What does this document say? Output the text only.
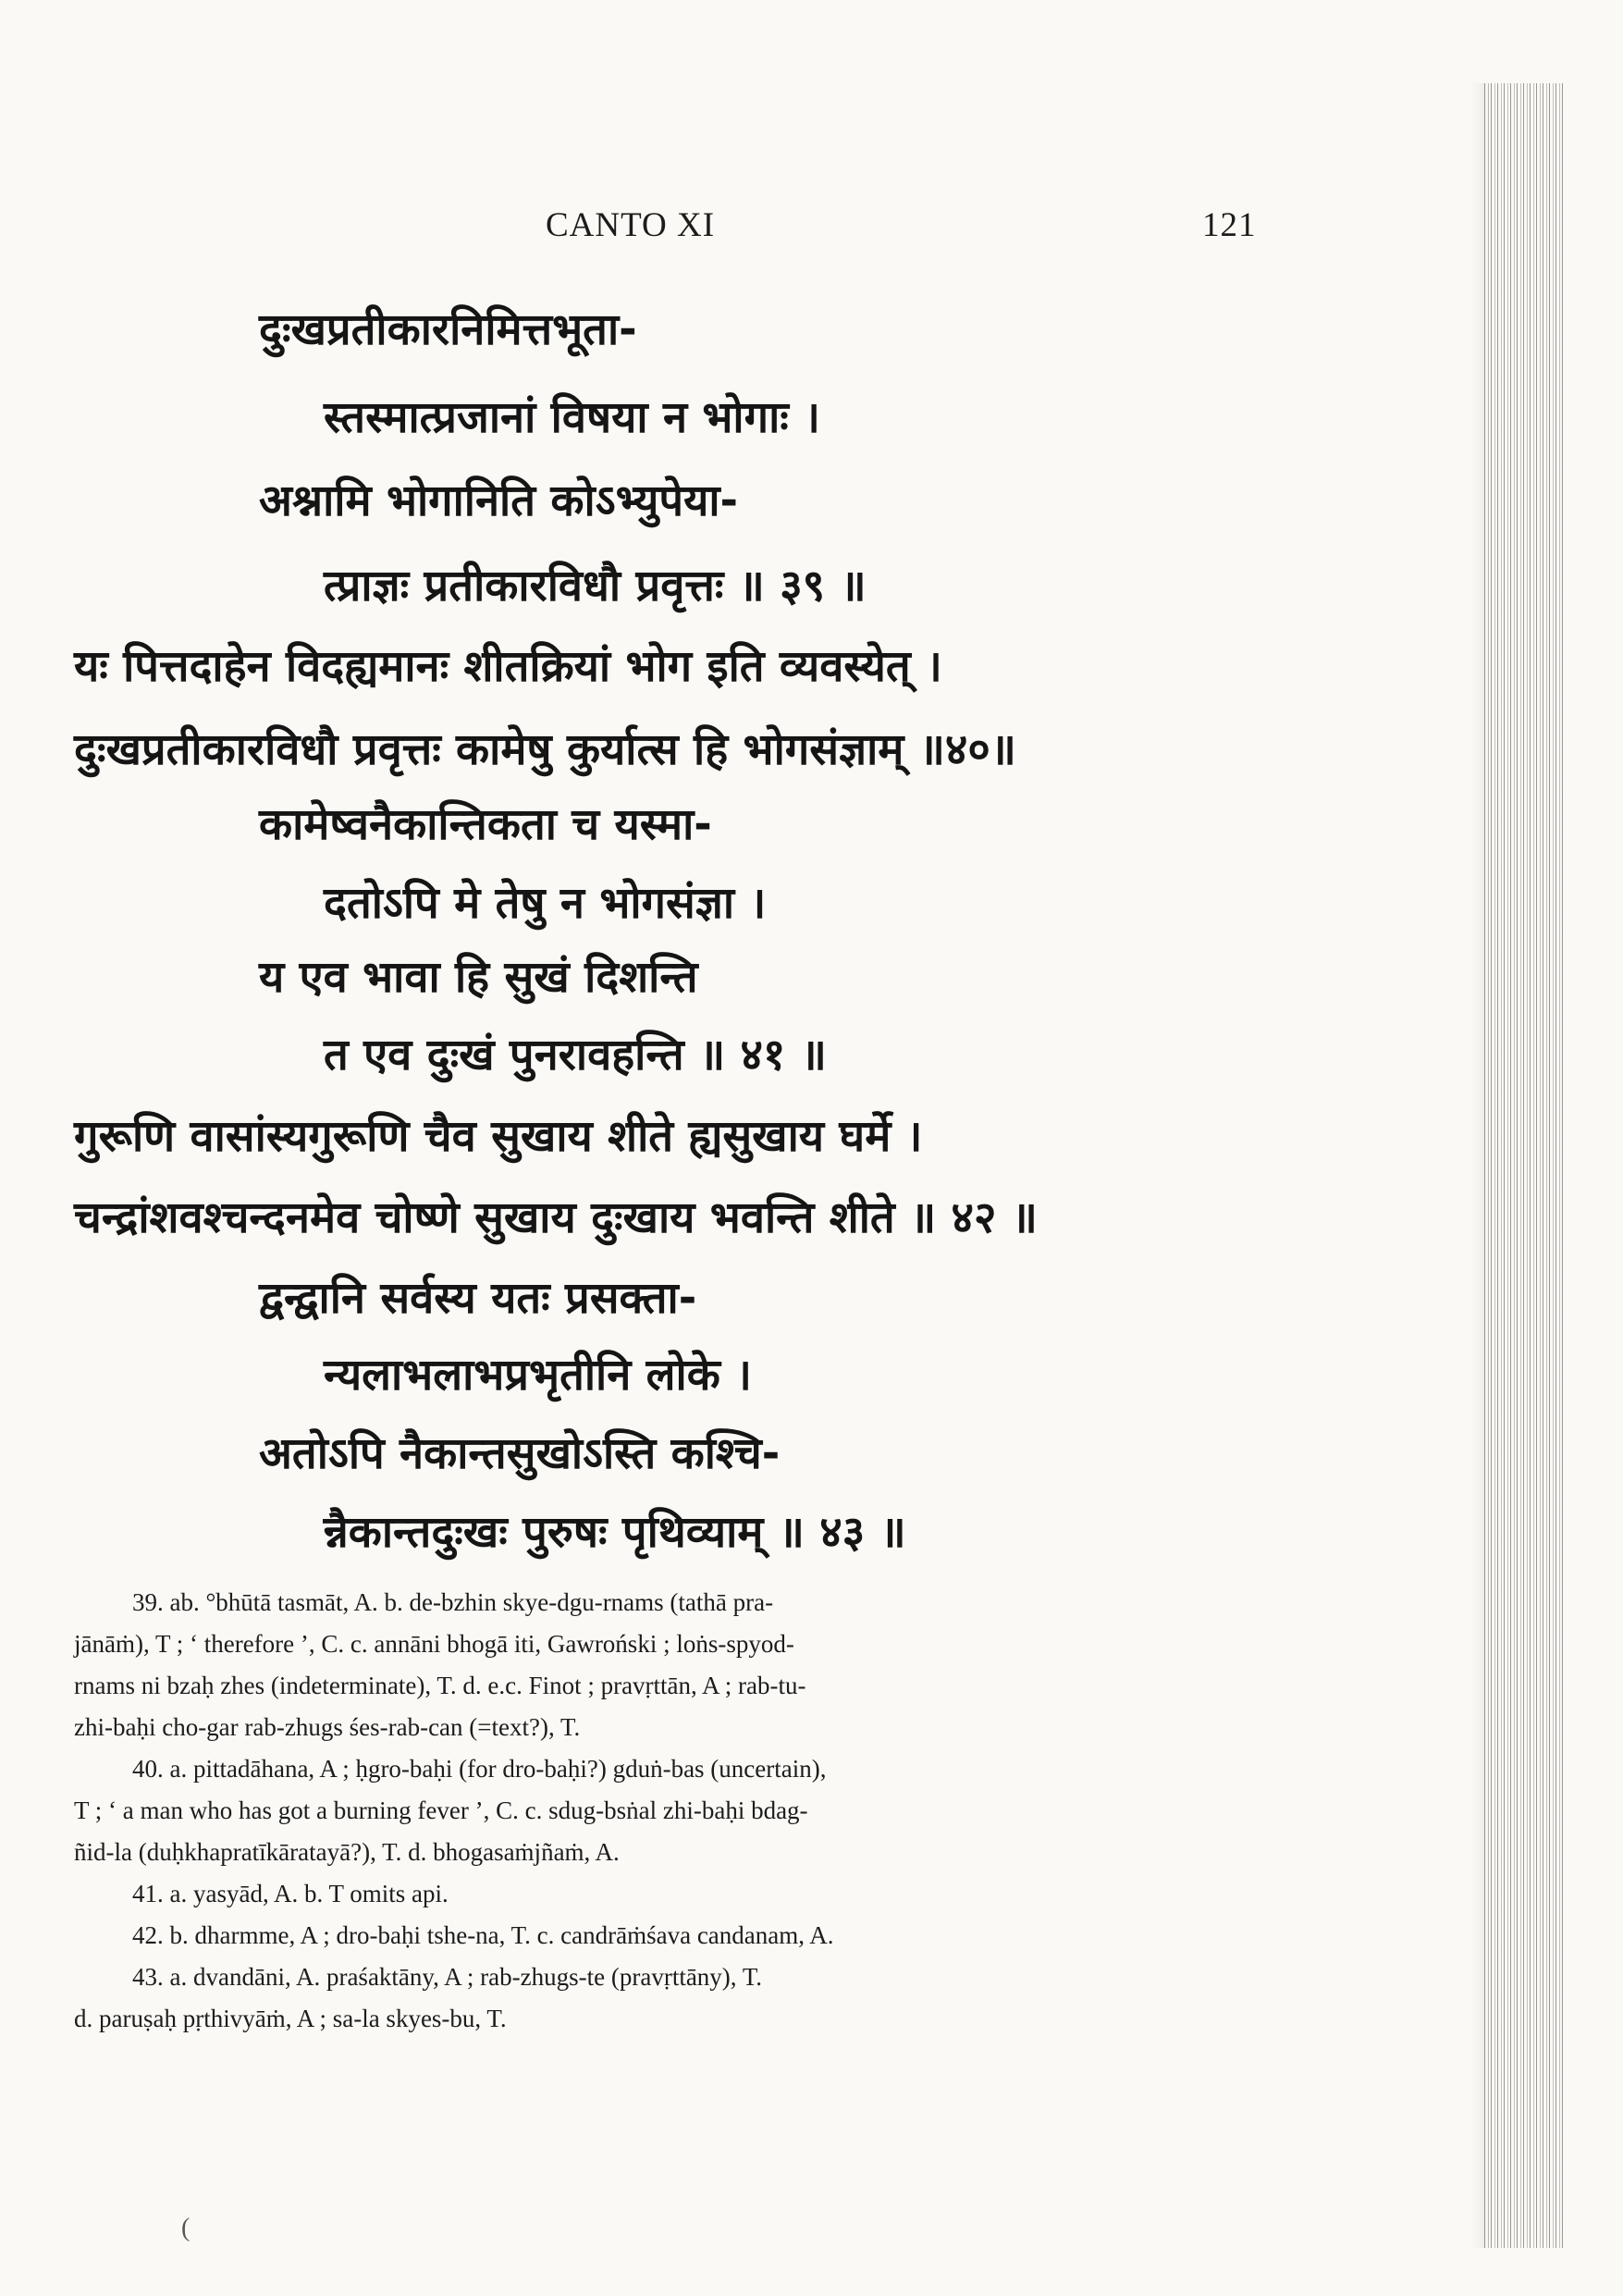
CANTO XI	121
दुःखप्रतीकारनिमित्तभूता-
स्तस्मात्प्रजानां विषया न भोगाः ।
अश्नामि भोगानिति कोऽभ्युपेया-
त्प्राज्ञः प्रतीकारविधौ प्रवृत्तः ॥ ३९ ॥
यः पित्तदाहेन विदह्यमानः शीतक्रियां भोग इति व्यवस्येत् ।
दुःखप्रतीकारविधौ प्रवृत्तः कामेषु कुर्यात्स हि भोगसंज्ञाम् ॥४०॥
कामेष्वनैकान्तिकता च यस्मा-
दतोऽपि मे तेषु न भोगसंज्ञा ।
य एव भावा हि सुखं दिशन्ति
त एव दुःखं पुनरावहन्ति ॥ ४१ ॥
गुरूणि वासांस्यगुरूणि चैव सुखाय शीते ह्यसुखाय घर्मे ।
चन्द्रांशवश्चन्दनमेव चोष्णे सुखाय दुःखाय भवन्ति शीते ॥ ४२ ॥
द्वन्द्वानि सर्वस्य यतः प्रसक्ता-
न्यलाभलाभप्रभृतीनि लोके ।
अतोऽपि नैकान्तसुखोऽस्ति कश्चि-
न्नैकान्तदुःखः पुरुषः पृथिव्याम् ॥ ४३ ॥
39. ab. °bhūtā tasmāt, A. b. de-bzhin skye-dgu-rnams (tathā pra-
jānāṁ), T ; ‘ therefore ’, C. c. annāni bhogā iti, Gawroński ; loṅs-spyod-
rnams ni bzaḥ zhes (indeterminate), T. d. e.c. Finot ; pravṛttān, A ; rab-tu-
zhi-baḥi cho-gar rab-zhugs śes-rab-can (=text?), T.
40. a. pittadāhana, A ; ḥgro-baḥi (for dro-baḥi?) gduṅ-bas (uncertain),
T ; ‘ a man who has got a burning fever ’, C. c. sdug-bsṅal zhi-baḥi bdag-
ñid-la (duḥkhapratīkāratayā?), T. d. bhogasaṁjñaṁ, A.
41. a. yasyād, A. b. T omits api.
42. b. dharmme, A ; dro-baḥi tshe-na, T. c. candrāṁśava candanam, A.
43. a. dvandāni, A. praśaktāny, A ; rab-zhugs-te (pravṛttāny), T.
d. paruṣaḥ pṛthivyāṁ, A ; sa-la skyes-bu, T.
(
